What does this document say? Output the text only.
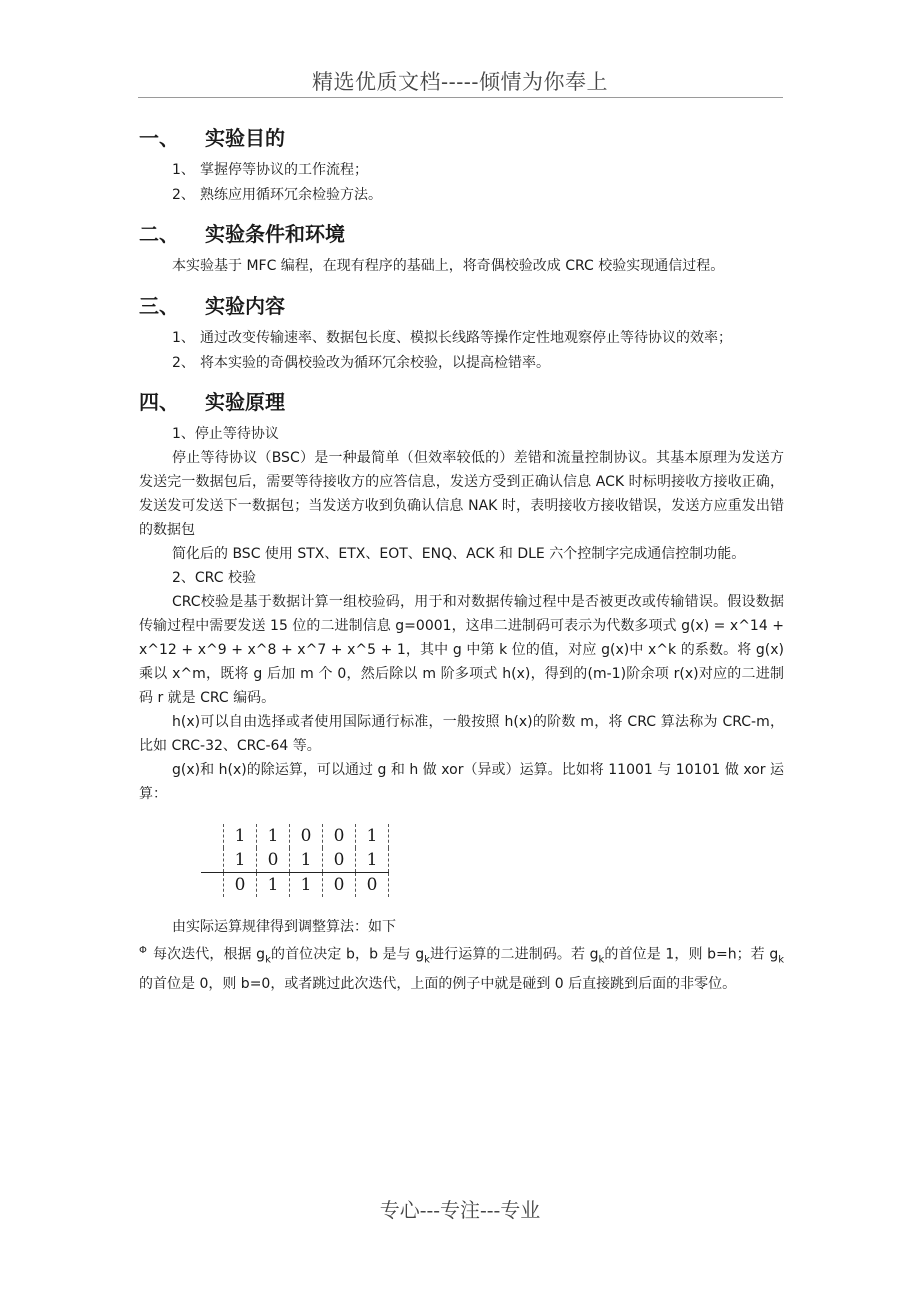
精选优质文档-----倾情为你奉上
一、	实验目的
1、 掌握停等协议的工作流程；
2、 熟练应用循环冗余检验方法。
二、	实验条件和环境

本实验基于 MFC 编程，在现有程序的基础上，将奇偶校验改成 CRC 校验实现通信过程。

三、	实验内容
1、 通过改变传输速率、数据包长度、模拟长线路等操作定性地观察停止等待协议的效率；
2、 将本实验的奇偶校验改为循环冗余校验，以提高检错率。
四、	实验原理

1、停止等待协议

停止等待协议（BSC）是一种最简单（但效率较低的）差错和流量控制协议。其基本原理为发送方发送完一数据包后，需要等待接收方的应答信息，发送方受到正确认信息 ACK 时标明接收方接收正确，发送发可发送下一数据包；当发送方收到负确认信息 NAK 时，表明接收方接收错误，发送方应重发出错的数据包

简化后的 BSC 使用 STX、ETX、EOT、ENQ、ACK 和 DLE 六个控制字完成通信控制功能。

2、CRC 校验

CRC校验是基于数据计算一组校验码，用于和对数据传输过程中是否被更改或传输错误。假设数据传输过程中需要发送 15 位的二进制信息 g=0001，这串二进制码可表示为代数多项式 g(x) = x^14 + x^12 + x^9 + x^8 + x^7 + x^5 + 1，其中 g 中第 k 位的值，对应 g(x)中 x^k 的系数。将 g(x)乘以 x^m，既将 g 后加 m 个 0，然后除以 m 阶多项式 h(x)，得到的(m-1)阶余项 r(x)对应的二进制码 r 就是 CRC 编码。

h(x)可以自由选择或者使用国际通行标准，一般按照 h(x)的阶数 m，将 CRC 算法称为 CRC-m，比如 CRC-32、CRC-64 等。

g(x)和 h(x)的除运算，可以通过 g 和 h 做 xor（异或）运算。比如将 11001 与 10101 做 xor 运算：

	1	1	0	0	1
	1	0	1	0	1
	0	1	1	0	0

由实际运算规律得到调整算法：如下

$^\Phi$ 每次迭代，根据 $g_k$的首位决定 b，b 是与 $g_k$进行运算的二进制码。若 $g_k$的首位是 1，则 b=h；若 $g_k$的首位是 0，则 b=0，或者跳过此次迭代，上面的例子中就是碰到 0 后直接跳到后面的非零位。

专心---专注---专业
